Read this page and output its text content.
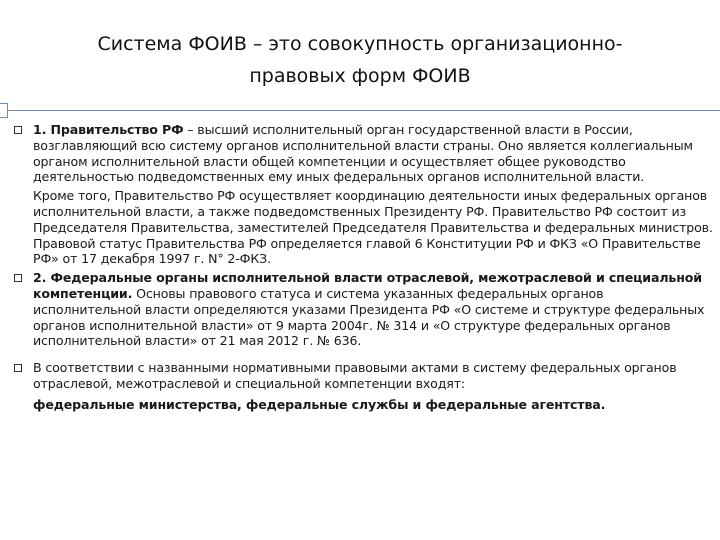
Система ФОИВ – это совокупность организационно-
правовых форм ФОИВ

1. Правительство РФ – высший исполнительный орган государственной власти в России, возглавляющий всю систему органов исполнительной власти страны. Оно является коллегиальным органом исполнительной власти общей компетенции и осуществляет общее руководство деятельностью подведомственных ему иных федеральных органов исполнительной власти.

Кроме того, Правительство РФ осуществляет координацию деятельности иных федеральных органов исполнительной власти, а также подведомственных Президенту РФ. Правительство РФ состоит из Председателя Правительства, заместителей Председателя Правительства и федеральных министров. Правовой статус Правительства РФ определяется главой 6 Конституции РФ и ФКЗ «О Правительстве РФ» от 17 декабря 1997 г. N° 2-ФКЗ.

2. Федеральные органы исполнительной власти отраслевой, межотраслевой и специальной компетенции. Основы правового статуса и система указанных федеральных органов исполнительной власти определяются указами Президента РФ «О системе и структуре федеральных органов исполнительной власти» от 9 марта 2004г. № 314 и «О структуре федеральных органов исполнительной власти» от 21 мая 2012 г. № 636.

В соответствии с названными нормативными правовыми актами в систему федеральных органов отраслевой, межотраслевой и специальной компетенции входят:

федеральные министерства, федеральные службы и федеральные агентства.
